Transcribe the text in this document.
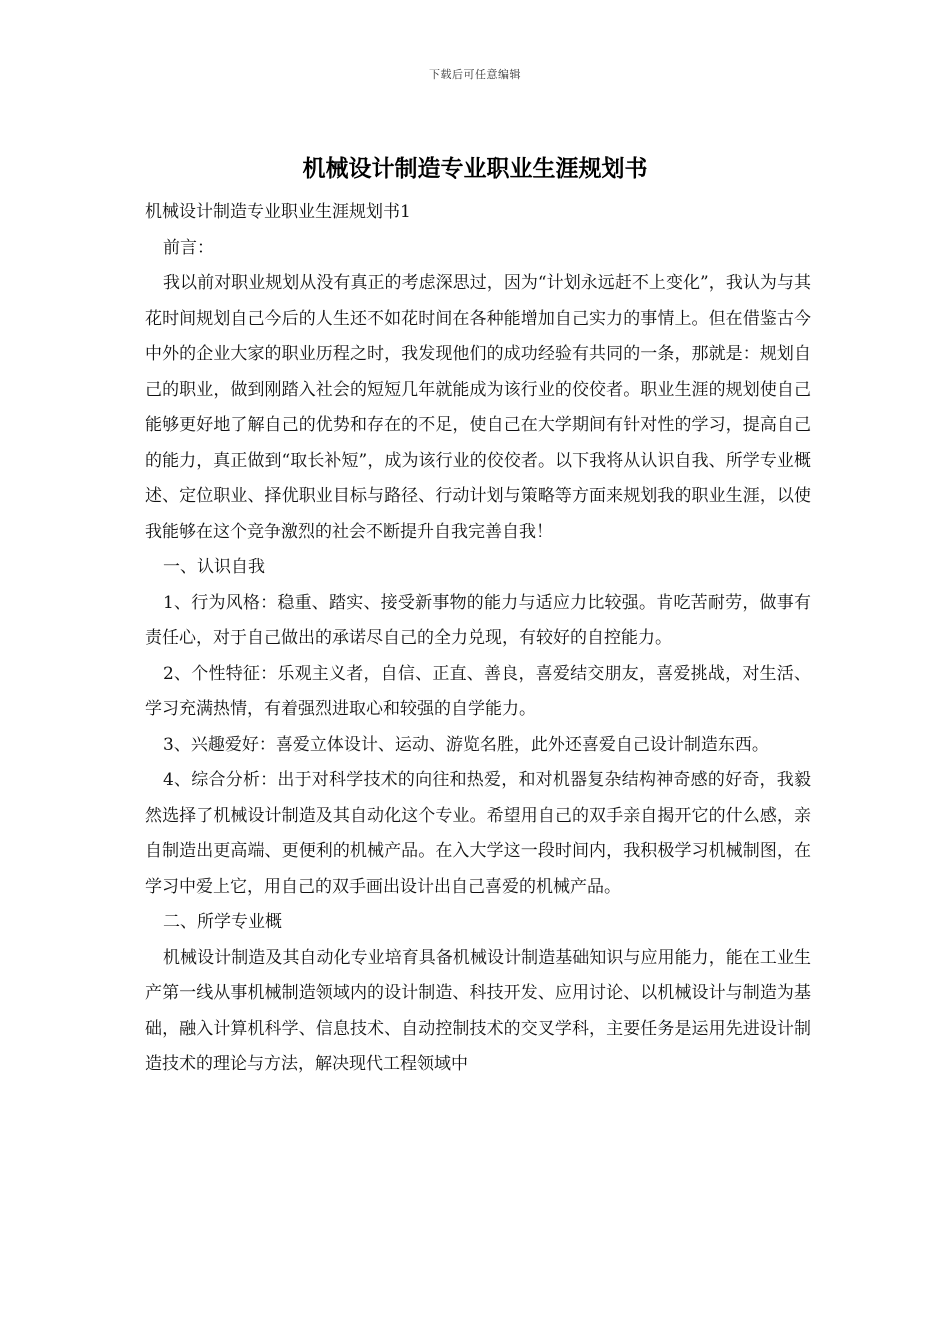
下载后可任意编辑
机械设计制造专业职业生涯规划书

机械设计制造专业职业生涯规划书1

前言：

我以前对职业规划从没有真正的考虑深思过，因为“计划永远赶不上变化”，我认为与其花时间规划自己今后的人生还不如花时间在各种能增加自己实力的事情上。但在借鉴古今中外的企业大家的职业历程之时，我发现他们的成功经验有共同的一条，那就是：规划自己的职业，做到刚踏入社会的短短几年就能成为该行业的佼佼者。职业生涯的规划使自己能够更好地了解自己的优势和存在的不足，使自己在大学期间有针对性的学习，提高自己的能力，真正做到“取长补短”，成为该行业的佼佼者。以下我将从认识自我、所学专业概述、定位职业、择优职业目标与路径、行动计划与策略等方面来规划我的职业生涯，以使我能够在这个竞争激烈的社会不断提升自我完善自我！

一、认识自我

1、行为风格：稳重、踏实、接受新事物的能力与适应力比较强。肯吃苦耐劳，做事有责任心，对于自己做出的承诺尽自己的全力兑现，有较好的自控能力。

2、个性特征：乐观主义者，自信、正直、善良，喜爱结交朋友，喜爱挑战，对生活、学习充满热情，有着强烈进取心和较强的自学能力。

3、兴趣爱好：喜爱立体设计、运动、游览名胜，此外还喜爱自己设计制造东西。

4、综合分析：出于对科学技术的向往和热爱，和对机器复杂结构神奇感的好奇，我毅然选择了机械设计制造及其自动化这个专业。希望用自己的双手亲自揭开它的什么感，亲自制造出更高端、更便利的机械产品。在入大学这一段时间内，我积极学习机械制图，在学习中爱上它，用自己的双手画出设计出自己喜爱的机械产品。

二、所学专业概

机械设计制造及其自动化专业培育具备机械设计制造基础知识与应用能力，能在工业生产第一线从事机械制造领域内的设计制造、科技开发、应用讨论、以机械设计与制造为基础，融入计算机科学、信息技术、自动控制技术的交叉学科，主要任务是运用先进设计制造技术的理论与方法，解决现代工程领域中
